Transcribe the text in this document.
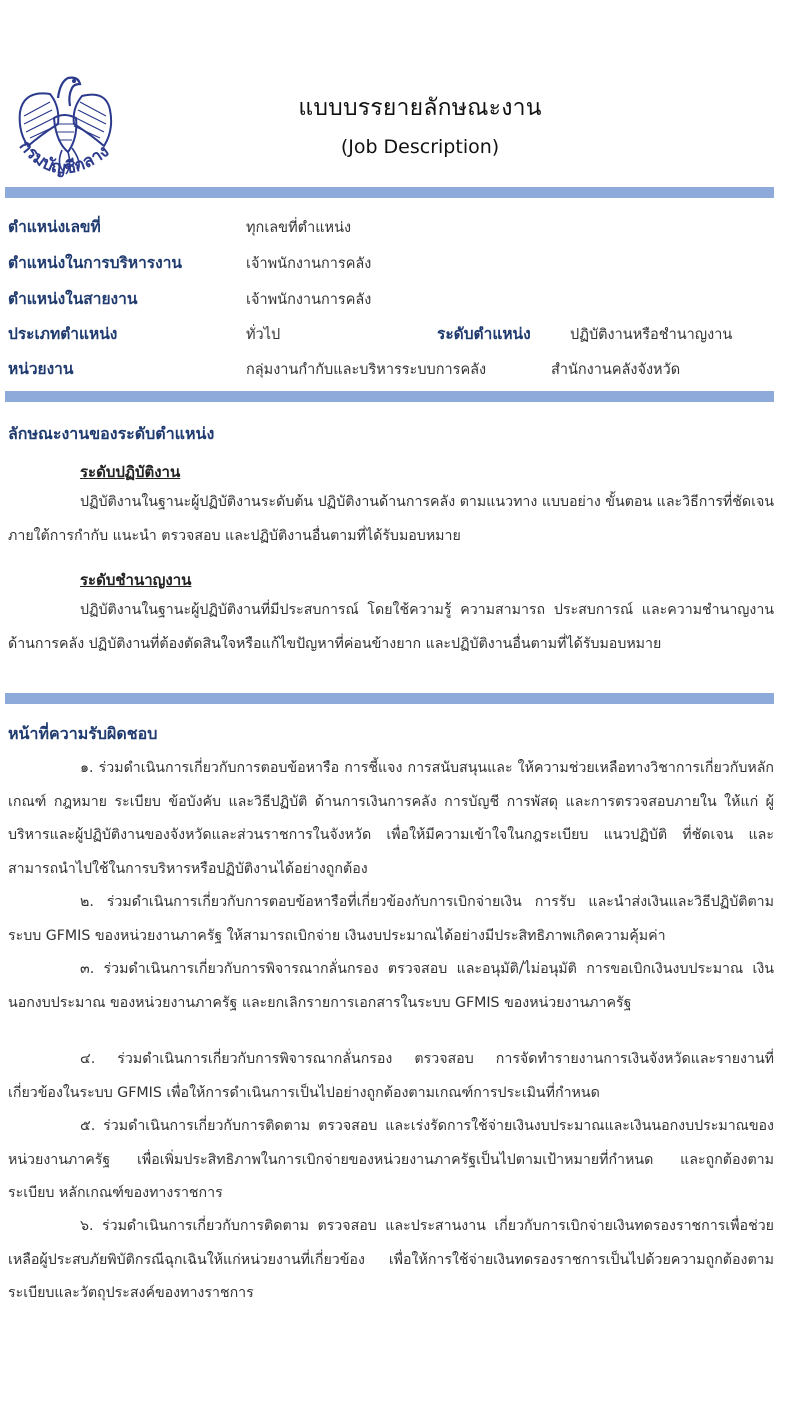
กรมบัญชีกลาง
แบบบรรยายลักษณะงาน
(Job Description)
ตำแหน่งเลขที่	ทุกเลขที่ตำแหน่ง
ตำแหน่งในการบริหารงาน	เจ้าพนักงานการคลัง
ตำแหน่งในสายงาน	เจ้าพนักงานการคลัง
ประเภทตำแหน่ง	ทั่วไป	ระดับตำแหน่ง	ปฏิบัติงานหรือชำนาญงาน
หน่วยงาน	กลุ่มงานกำกับและบริหารระบบการคลัง	สำนักงานคลังจังหวัด
ลักษณะงานของระดับตำแหน่ง
ระดับปฏิบัติงาน
ปฏิบัติงานในฐานะผู้ปฏิบัติงานระดับต้น ปฏิบัติงานด้านการคลัง ตามแนวทาง แบบอย่าง ขั้นตอน และวิธีการที่ชัดเจน ภายใต้การกำกับ แนะนำ ตรวจสอบ และปฏิบัติงานอื่นตามที่ได้รับมอบหมาย
ระดับชำนาญงาน
ปฏิบัติงานในฐานะผู้ปฏิบัติงานที่มีประสบการณ์ โดยใช้ความรู้ ความสามารถ ประสบการณ์ และความชำนาญงานด้านการคลัง ปฏิบัติงานที่ต้องตัดสินใจหรือแก้ไขปัญหาที่ค่อนข้างยาก และปฏิบัติงานอื่นตามที่ได้รับมอบหมาย
หน้าที่ความรับผิดชอบ
๑. ร่วมดำเนินการเกี่ยวกับการตอบข้อหารือ การชี้แจง การสนับสนุนและ ให้ความช่วยเหลือทางวิชาการเกี่ยวกับหลักเกณฑ์ กฎหมาย ระเบียบ ข้อบังคับ และวิธีปฏิบัติ ด้านการเงินการคลัง การบัญชี การพัสดุ และการตรวจสอบภายใน ให้แก่ ผู้บริหารและผู้ปฏิบัติงานของจังหวัดและส่วนราชการในจังหวัด เพื่อให้มีความเข้าใจในกฎระเบียบ แนวปฏิบัติ ที่ชัดเจน และสามารถนำไปใช้ในการบริหารหรือปฏิบัติงานได้อย่างถูกต้อง
๒. ร่วมดำเนินการเกี่ยวกับการตอบข้อหารือที่เกี่ยวข้องกับการเบิกจ่ายเงิน การรับ และนำส่งเงินและวิธีปฏิบัติตามระบบ GFMIS ของหน่วยงานภาครัฐ ให้สามารถเบิกจ่าย เงินงบประมาณได้อย่างมีประสิทธิภาพเกิดความคุ้มค่า
๓. ร่วมดำเนินการเกี่ยวกับการพิจารณากลั่นกรอง ตรวจสอบ และอนุมัติ/ไม่อนุมัติ การขอเบิกเงินงบประมาณ เงินนอกงบประมาณ ของหน่วยงานภาครัฐ และยกเลิกรายการเอกสารในระบบ GFMIS ของหน่วยงานภาครัฐ
๔. ร่วมดำเนินการเกี่ยวกับการพิจารณากลั่นกรอง ตรวจสอบ การจัดทำรายงานการเงินจังหวัดและรายงานที่เกี่ยวข้องในระบบ GFMIS เพื่อให้การดำเนินการเป็นไปอย่างถูกต้องตามเกณฑ์การประเมินที่กำหนด
๕. ร่วมดำเนินการเกี่ยวกับการติดตาม ตรวจสอบ และเร่งรัดการใช้จ่ายเงินงบประมาณและเงินนอกงบประมาณของหน่วยงานภาครัฐ เพื่อเพิ่มประสิทธิภาพในการเบิกจ่ายของหน่วยงานภาครัฐเป็นไปตามเป้าหมายที่กำหนด และถูกต้องตามระเบียบ หลักเกณฑ์ของทางราชการ
๖. ร่วมดำเนินการเกี่ยวกับการติดตาม ตรวจสอบ และประสานงาน เกี่ยวกับการเบิกจ่ายเงินทดรองราชการเพื่อช่วยเหลือผู้ประสบภัยพิบัติกรณีฉุกเฉินให้แก่หน่วยงานที่เกี่ยวข้อง เพื่อให้การใช้จ่ายเงินทดรองราชการเป็นไปด้วยความถูกต้องตามระเบียบและวัตถุประสงค์ของทางราชการ
